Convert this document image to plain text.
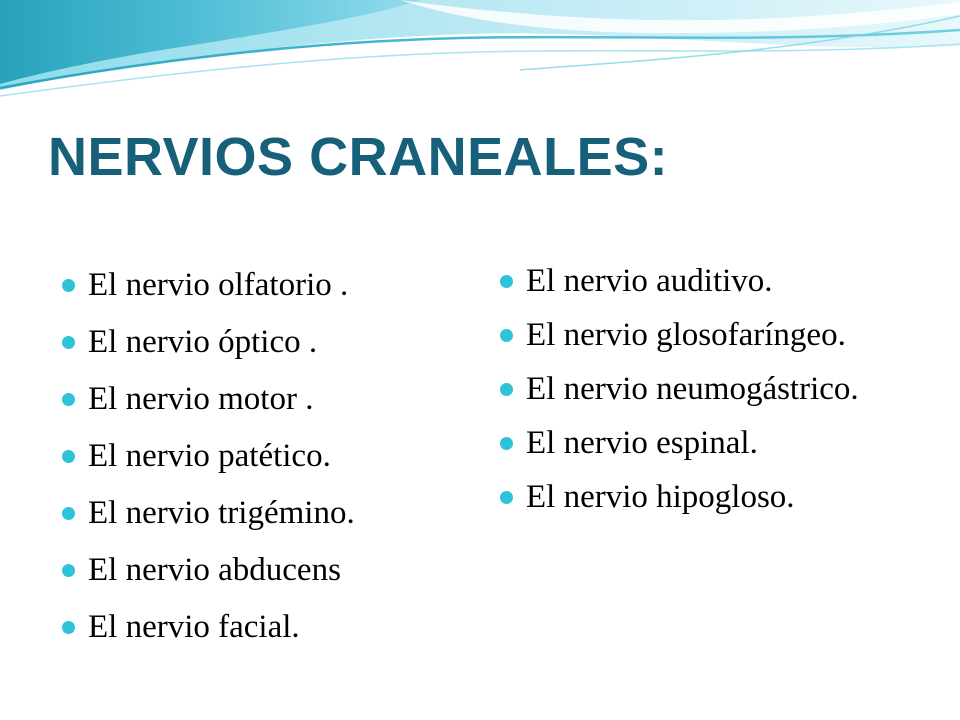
NERVIOS CRANEALES:
El nervio olfatorio .
El nervio óptico .
El nervio motor .
El nervio patético.
El nervio trigémino.
El nervio abducens
El nervio facial.
El nervio auditivo.
El nervio glosofaríngeo.
El nervio neumogástrico.
El nervio espinal.
El nervio hipogloso.
